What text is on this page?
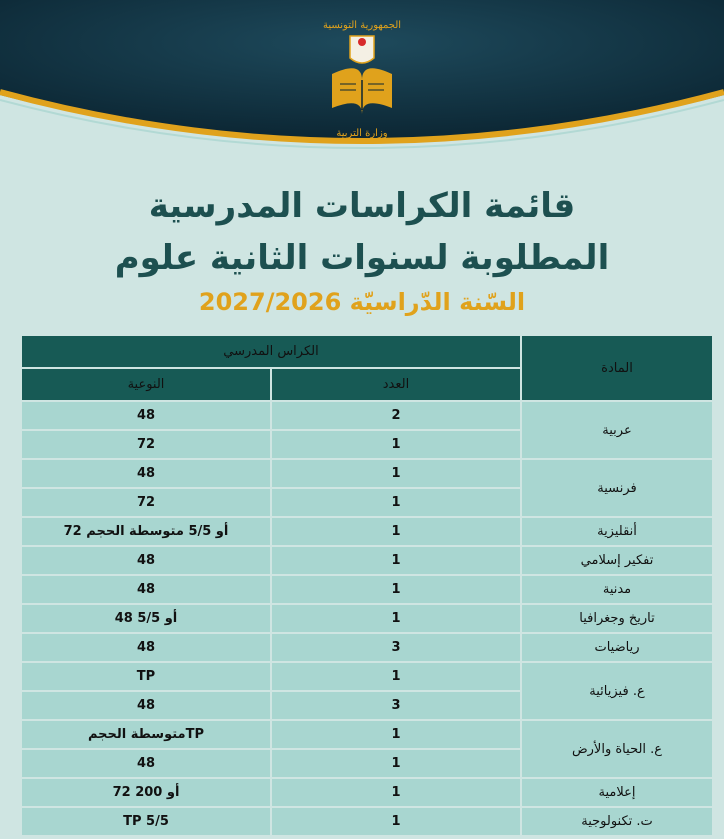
الجمهورية التونسية
وزارة التربية
قائمة الكراسات المدرسية
المطلوبة لسنوات الثانية علوم
السّنة الدّراسيّة 2027/2026
المادة	الكراس المدرسي	
	العدد	النوعية
عربية	2	48
	1	72
فرنسية	1	48
	1	72
أنقليزية	1	72 أو 5/5 متوسطة الحجم
تفكير إسلامي	1	48
مدنية	1	48
تاريخ وجغرافيا	1	48 أو 5/5
رياضيات	3	48
ع. فيزيائية	1	TP
	3	48
ع. الحياة والأرض	1	متوسطة الحجمTP
	1	48
إعلامية	1	72 أو 200
ت. تكنولوجية	1	TP 5/5
